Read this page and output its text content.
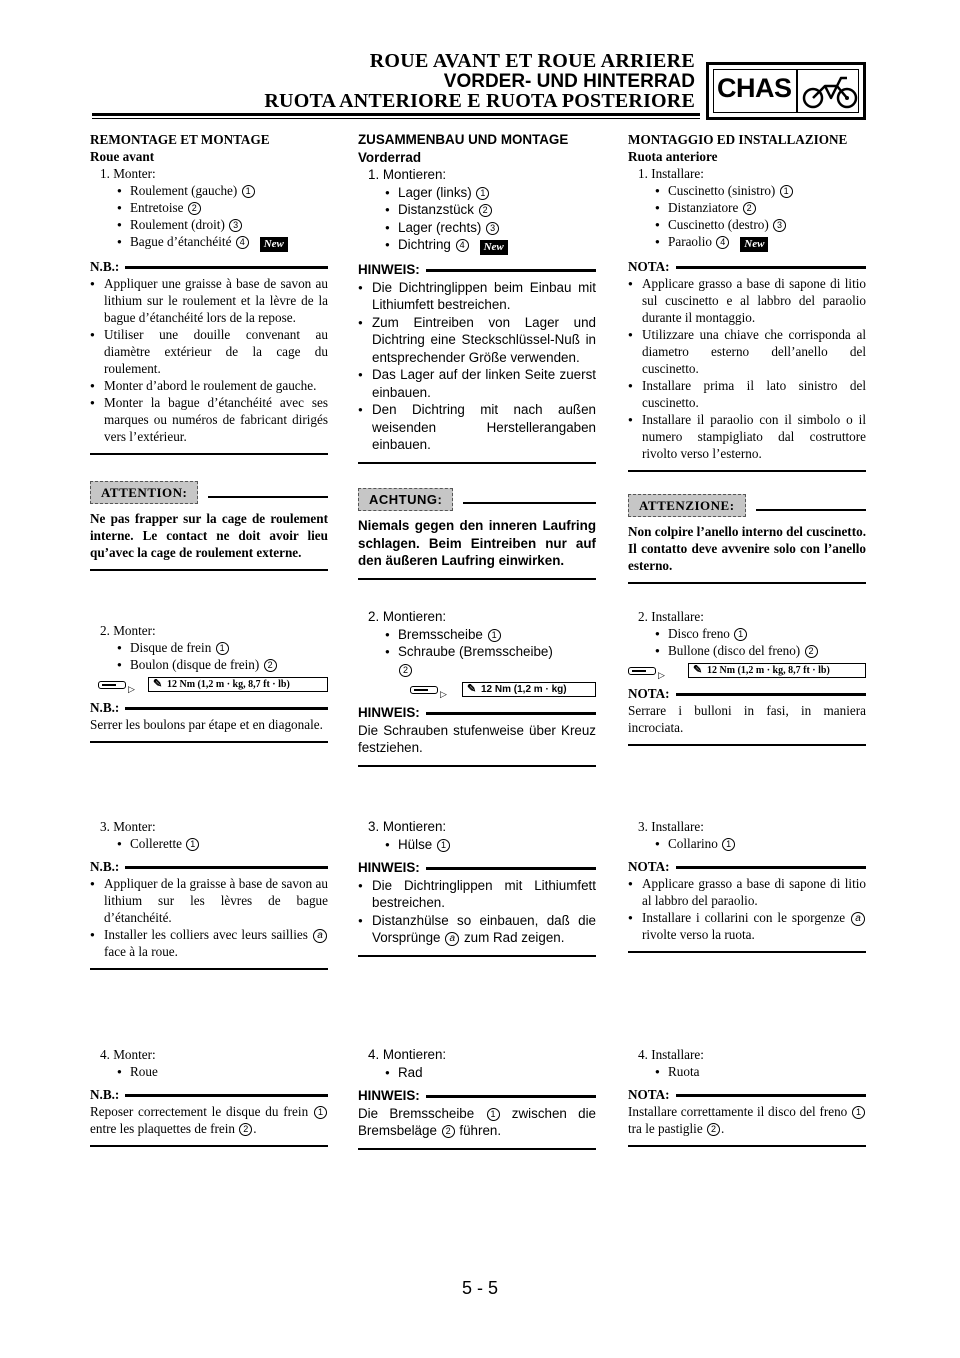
ROUE AVANT ET ROUE ARRIERE
VORDER- UND HINTERRAD
RUOTA ANTERIORE E RUOTA POSTERIORE CHAS
REMONTAGE ET MONTAGE
Roue avant
1. Monter:
● Roulement (gauche) 1
● Entretoise 2
● Roulement (droit) 3
● Bague d’étanchéité 4 New
N.B.:
● Appliquer une graisse à base de savon au lithium sur le roulement et la lèvre de la bague d’étanchéité lors de la repose.
● Utiliser une douille convenant au diamètre extérieur de la cage du roulement.
● Monter d’abord le roulement de gauche.
● Monter la bague d’étanchéité avec ses marques ou numéros de fabricant dirigés vers l’extérieur.
ATTENTION:
Ne pas frapper sur la cage de roulement interne. Le contact ne doit avoir lieu qu’avec la cage de roulement externe.
2. Monter:
● Disque de frein 1
● Boulon (disque de frein) 2
▷ ✎ 12 Nm (1,2 m · kg, 8,7 ft · lb)
N.B.:
Serrer les boulons par étape et en diagonale.
3. Monter:
● Collerette 1
N.B.:
● Appliquer de la graisse à base de savon au lithium sur les lèvres de bague d’étanchéité.
● Installer les colliers avec leurs saillies a face à la roue.
4. Monter:
● Roue
N.B.:
Reposer correctement le disque du frein 1 entre les plaquettes de frein 2 .
ZUSAMMENBAU UND MONTAGE
Vorderrad
1. Montieren:
● Lager (links) 1
● Distanzstück 2
● Lager (rechts) 3
● Dichtring 4 New
HINWEIS:
● Die Dichtringlippen beim Einbau mit Lithiumfett bestreichen.
● Zum Eintreiben von Lager und Dichtring eine Steckschlüssel-Nuß in entsprechender Größe verwenden.
● Das Lager auf der linken Seite zuerst einbauen.
● Den Dichtring mit nach außen weisenden Herstellerangaben einbauen.
ACHTUNG:
Niemals gegen den inneren Laufring schlagen. Beim Eintreiben nur auf den äußeren Laufring einwirken.
2. Montieren:
● Bremsscheibe 1
● Schraube (Bremsscheibe)
2
▷ ✎ 12 Nm (1,2 m · kg)
HINWEIS:
Die Schrauben stufenweise über Kreuz festziehen.
3. Montieren:
● Hülse 1
HINWEIS:
● Die Dichtringlippen mit Lithiumfett bestreichen.
● Distanzhülse so einbauen, daß die Vorsprünge a zum Rad zeigen.
4. Montieren:
● Rad
HINWEIS:
Die Bremsscheibe 1 zwischen die Bremsbeläge 2 führen.
MONTAGGIO ED INSTALLAZIONE
Ruota anteriore
1. Installare:
● Cuscinetto (sinistro) 1
● Distanziatore 2
● Cuscinetto (destro) 3
● Paraolio 4 New
NOTA:
● Applicare grasso a base di sapone di litio sul cuscinetto e al labbro del paraolio durante il montaggio.
● Utilizzare una chiave che corrisponda al diametro esterno dell’anello del cuscinetto.
● Installare prima il lato sinistro del cuscinetto.
● Installare il paraolio con il simbolo o il numero stampigliato dal costruttore rivolto verso l’esterno.
ATTENZIONE:
Non colpire l’anello interno del cuscinetto. Il contatto deve avvenire solo con l’anello esterno.
2. Installare:
● Disco freno 1
● Bullone (disco del freno) 2
▷	✎ 12 Nm (1,2 m · kg, 8,7 ft · lb)
NOTA:
Serrare i bulloni in fasi, in maniera incrociata.
3. Installare:
● Collarino 1
NOTA:
● Applicare grasso a base di sapone di litio al labbro del paraolio.
● Installare i collarini con le sporgenze a rivolte verso la ruota.
4. Installare:
● Ruota
NOTA:
Installare correttamente il disco del freno 1 tra le pastiglie 2 .
5 - 5
